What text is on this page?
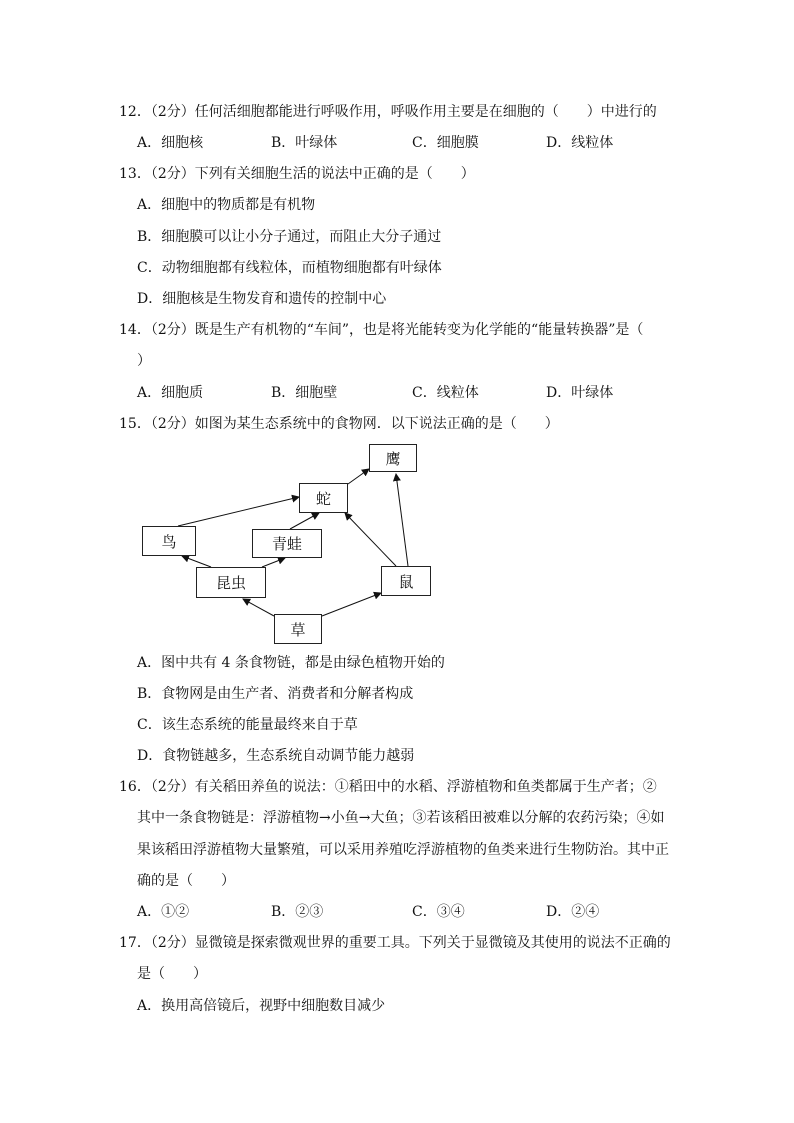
12．（2分）任何活细胞都能进行呼吸作用，呼吸作用主要是在细胞的（　　）中进行的
A．细胞核	B．叶绿体	C．细胞膜	D．线粒体
13．（2分）下列有关细胞生活的说法中正确的是（　　）
A．细胞中的物质都是有机物
B．细胞膜可以让小分子通过，而阻止大分子通过
C．动物细胞都有线粒体，而植物细胞都有叶绿体
D．细胞核是生物发育和遗传的控制中心
14．（2分）既是生产有机物的“车间”，也是将光能转变为化学能的“能量转换器”是（
）
A．细胞质	B．细胞壁	C．线粒体	D．叶绿体
15．（2分）如图为某生态系统中的食物网．以下说法正确的是（　　）
鹰
蛇
鸟	青蛙
昆虫	鼠
草
A．图中共有 4 条食物链，都是由绿色植物开始的
B．食物网是由生产者、消费者和分解者构成
C．该生态系统的能量最终来自于草
D．食物链越多，生态系统自动调节能力越弱
16．（2分）有关稻田养鱼的说法：①稻田中的水稻、浮游植物和鱼类都属于生产者；②
其中一条食物链是：浮游植物→小鱼→大鱼；③若该稻田被难以分解的农药污染；④如
果该稻田浮游植物大量繁殖，可以采用养殖吃浮游植物的鱼类来进行生物防治。其中正
确的是（　　）
A．①②	B．②③	C．③④	D．②④
17．（2分）显微镜是探索微观世界的重要工具。下列关于显微镜及其使用的说法不正确的
是（　　）
A．换用高倍镜后，视野中细胞数目减少
